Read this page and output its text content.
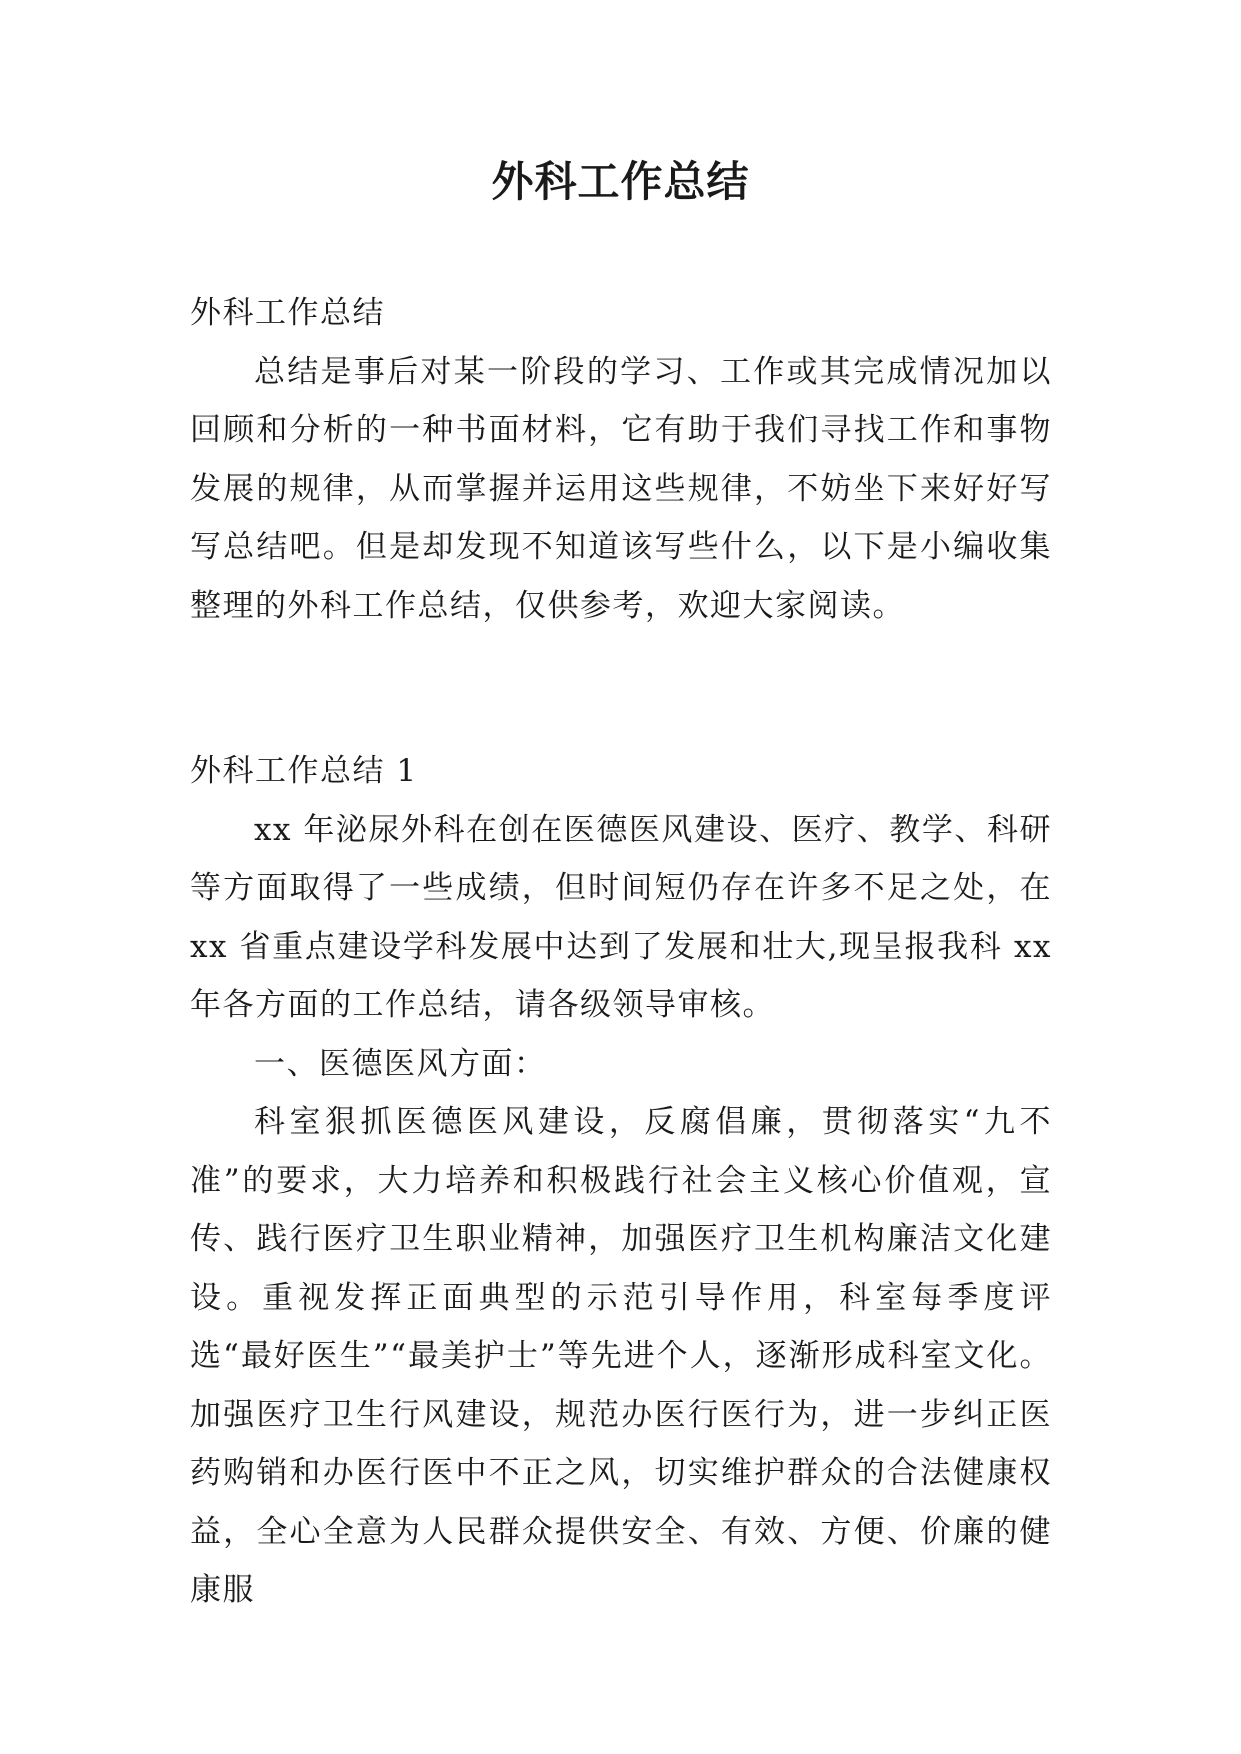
外科工作总结

外科工作总结

总结是事后对某一阶段的学习、工作或其完成情况加以回顾和分析的一种书面材料，它有助于我们寻找工作和事物发展的规律，从而掌握并运用这些规律，不妨坐下来好好写写总结吧。但是却发现不知道该写些什么，以下是小编收集整理的外科工作总结，仅供参考，欢迎大家阅读。

外科工作总结 1

xx 年泌尿外科在创在医德医风建设、医疗、教学、科研等方面取得了一些成绩，但时间短仍存在许多不足之处，在 xx 省重点建设学科发展中达到了发展和壮大,现呈报我科 xx 年各方面的工作总结，请各级领导审核。

一、医德医风方面：

科室狠抓医德医风建设，反腐倡廉，贯彻落实“九不准”的要求，大力培养和积极践行社会主义核心价值观，宣传、践行医疗卫生职业精神，加强医疗卫生机构廉洁文化建设。重视发挥正面典型的示范引导作用，科室每季度评选“最好医生”“最美护士”等先进个人，逐渐形成科室文化。加强医疗卫生行风建设，规范办医行医行为，进一步纠正医药购销和办医行医中不正之风，切实维护群众的合法健康权益，全心全意为人民群众提供安全、有效、方便、价廉的健康服
